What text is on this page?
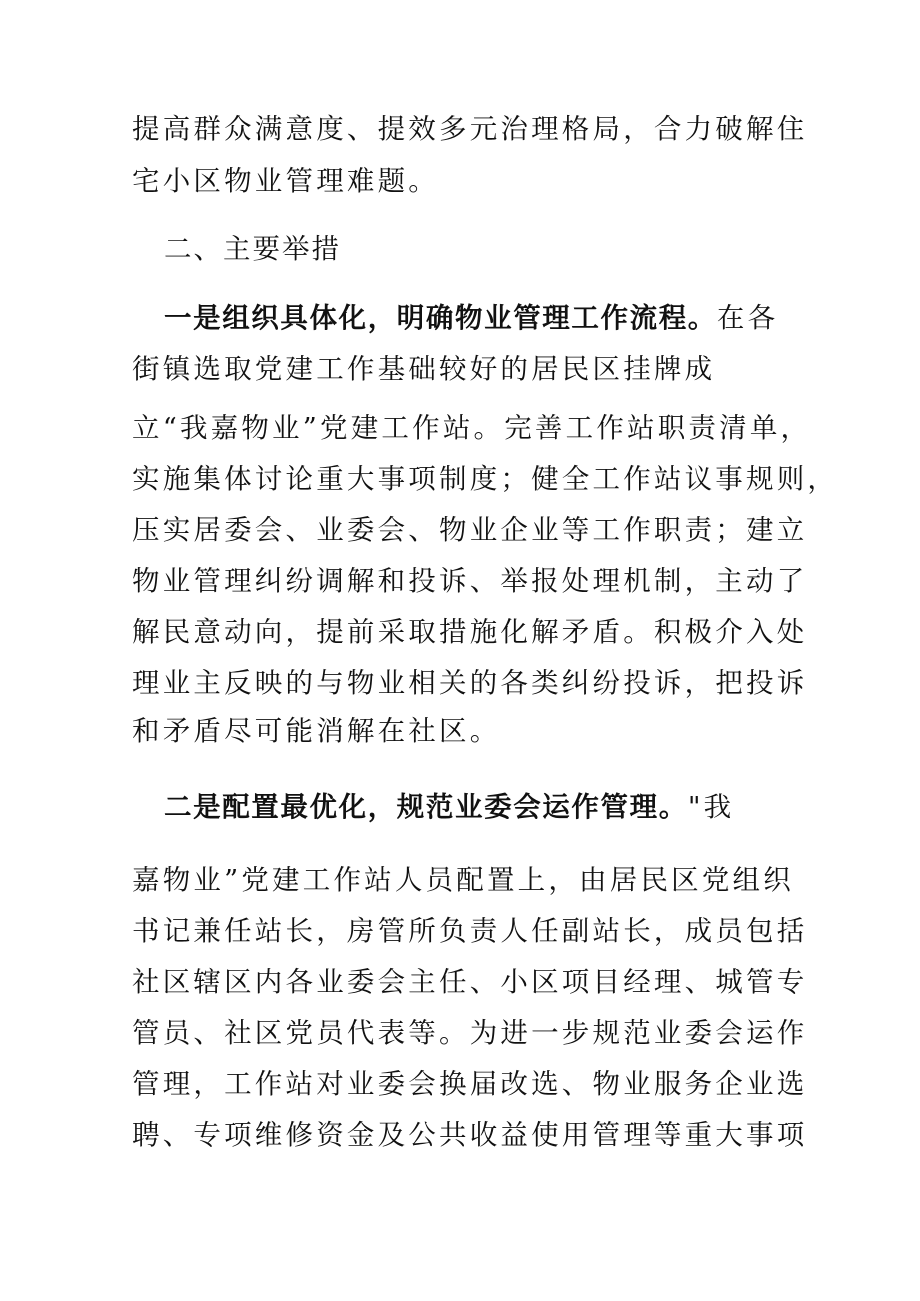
提高群众满意度、提效多元治理格局，合力破解住
宅小区物业管理难题。
二、主要举措
一是组织具体化，明确物业管理工作流程。在各
街镇选取党建工作基础较好的居民区挂牌成
立“我嘉物业”党建工作站。完善工作站职责清单，
实施集体讨论重大事项制度；健全工作站议事规则，
压实居委会、业委会、物业企业等工作职责；建立
物业管理纠纷调解和投诉、举报处理机制，主动了
解民意动向，提前采取措施化解矛盾。积极介入处
理业主反映的与物业相关的各类纠纷投诉，把投诉
和矛盾尽可能消解在社区。
二是配置最优化，规范业委会运作管理。"我
嘉物业”党建工作站人员配置上，由居民区党组织
书记兼任站长，房管所负责人任副站长，成员包括
社区辖区内各业委会主任、小区项目经理、城管专
管员、社区党员代表等。为进一步规范业委会运作
管理，工作站对业委会换届改选、物业服务企业选
聘、专项维修资金及公共收益使用管理等重大事项
